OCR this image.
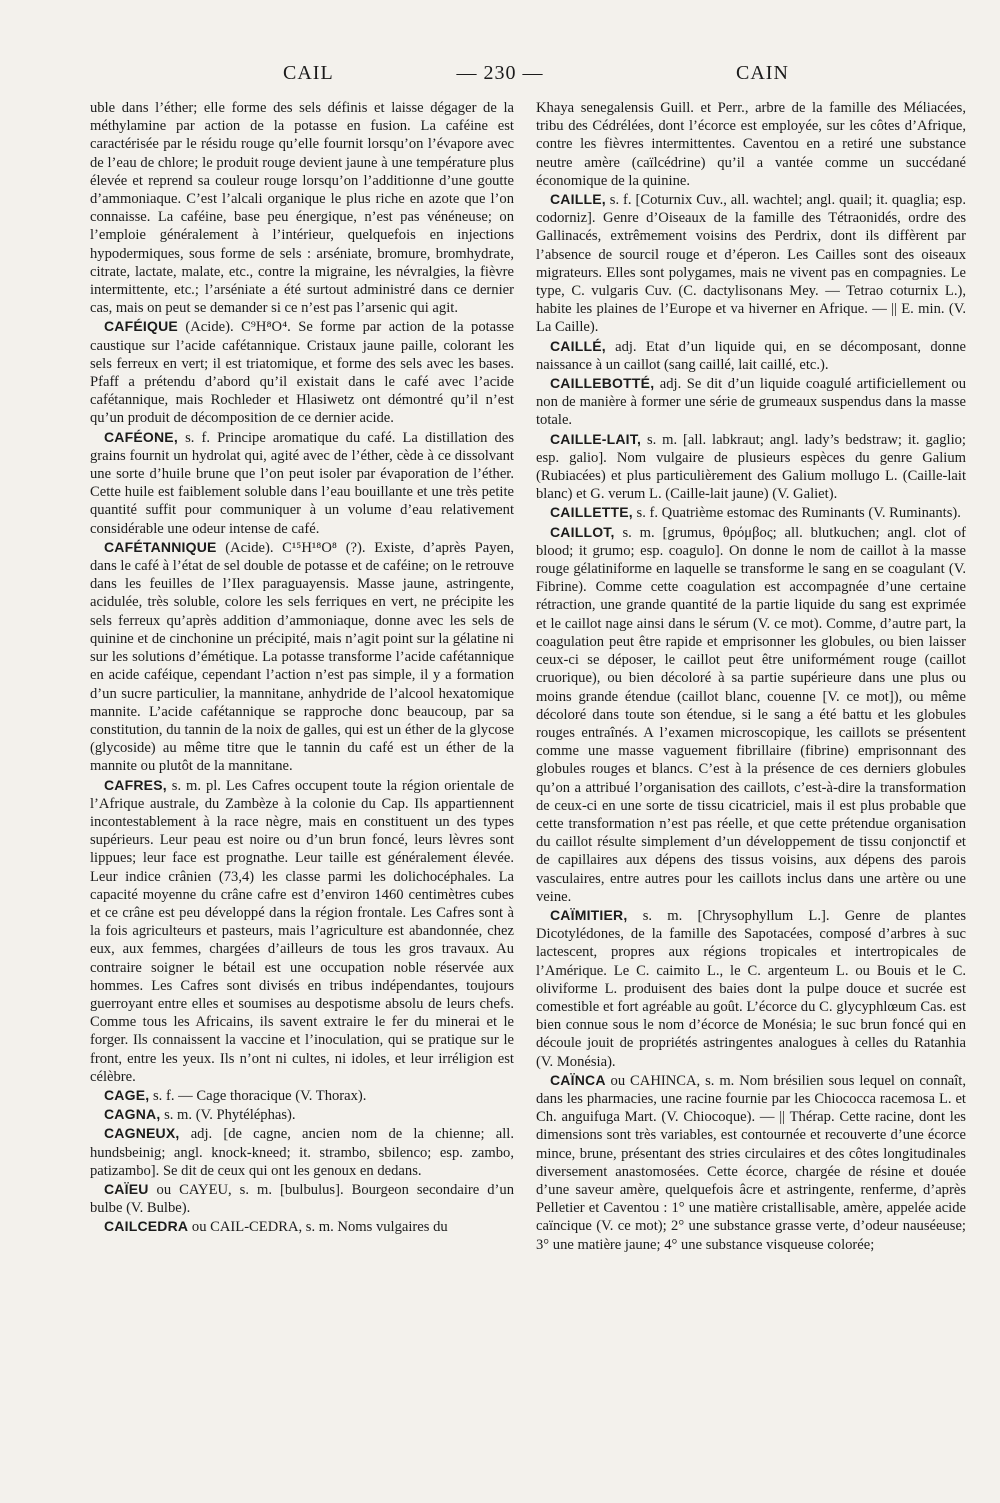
CAIL	— 230 —	CAIN

uble dans l’éther; elle forme des sels définis et laisse dégager de la méthylamine par action de la potasse en fusion. La caféine est caractérisée par le résidu rouge qu’elle fournit lorsqu’on l’évapore avec de l’eau de chlore; le produit rouge devient jaune à une température plus élevée et reprend sa couleur rouge lorsqu’on l’additionne d’une goutte d’ammoniaque. C’est l’alcali organique le plus riche en azote que l’on connaisse. La caféine, base peu énergique, n’est pas vénéneuse; on l’emploie généralement à l’intérieur, quelquefois en injections hypodermiques, sous forme de sels : arséniate, bromure, bromhydrate, citrate, lactate, malate, etc., contre la migraine, les névralgies, la fièvre intermittente, etc.; l’arséniate a été surtout administré dans ce dernier cas, mais on peut se demander si ce n’est pas l’arsenic qui agit.

CAFÉIQUE (Acide). C⁹H⁸O⁴. Se forme par action de la potasse caustique sur l’acide cafétannique. Cristaux jaune paille, colorant les sels ferreux en vert; il est triatomique, et forme des sels avec les bases. Pfaff a prétendu d’abord qu’il existait dans le café avec l’acide cafétannique, mais Rochleder et Hlasiwetz ont démontré qu’il n’est qu’un produit de décomposition de ce dernier acide.

CAFÉONE, s. f. Principe aromatique du café. La distillation des grains fournit un hydrolat qui, agité avec de l’éther, cède à ce dissolvant une sorte d’huile brune que l’on peut isoler par évaporation de l’éther. Cette huile est faiblement soluble dans l’eau bouillante et une très petite quantité suffit pour communiquer à un volume d’eau relativement considérable une odeur intense de café.

CAFÉTANNIQUE (Acide). C¹⁵H¹⁸O⁸ (?). Existe, d’après Payen, dans le café à l’état de sel double de potasse et de caféine; on le retrouve dans les feuilles de l’Ilex paraguayensis. Masse jaune, astringente, acidulée, très soluble, colore les sels ferriques en vert, ne précipite les sels ferreux qu’après addition d’ammoniaque, donne avec les sels de quinine et de cinchonine un précipité, mais n’agit point sur la gélatine ni sur les solutions d’émétique. La potasse transforme l’acide cafétannique en acide caféique, cependant l’action n’est pas simple, il y a formation d’un sucre particulier, la mannitane, anhydride de l’alcool hexatomique mannite. L’acide cafétannique se rapproche donc beaucoup, par sa constitution, du tannin de la noix de galles, qui est un éther de la glycose (glycoside) au même titre que le tannin du café est un éther de la mannite ou plutôt de la mannitane.

CAFRES, s. m. pl. Les Cafres occupent toute la région orientale de l’Afrique australe, du Zambèze à la colonie du Cap. Ils appartiennent incontestablement à la race nègre, mais en constituent un des types supérieurs. Leur peau est noire ou d’un brun foncé, leurs lèvres sont lippues; leur face est prognathe. Leur taille est généralement élevée. Leur indice crânien (73,4) les classe parmi les dolichocéphales. La capacité moyenne du crâne cafre est d’environ 1460 centimètres cubes et ce crâne est peu développé dans la région frontale. Les Cafres sont à la fois agriculteurs et pasteurs, mais l’agriculture est abandonnée, chez eux, aux femmes, chargées d’ailleurs de tous les gros travaux. Au contraire soigner le bétail est une occupation noble réservée aux hommes. Les Cafres sont divisés en tribus indépendantes, toujours guerroyant entre elles et soumises au despotisme absolu de leurs chefs. Comme tous les Africains, ils savent extraire le fer du minerai et le forger. Ils connaissent la vaccine et l’inoculation, qui se pratique sur le front, entre les yeux. Ils n’ont ni cultes, ni idoles, et leur irréligion est célèbre.

CAGE, s. f. — Cage thoracique (V. Thorax).

CAGNA, s. m. (V. Phytéléphas).

CAGNEUX, adj. [de cagne, ancien nom de la chienne; all. hundsbeinig; angl. knock-kneed; it. strambo, sbilenco; esp. zambo, patizambo]. Se dit de ceux qui ont les genoux en dedans.

CAÏEU ou CAYEU, s. m. [bulbulus]. Bourgeon secondaire d’un bulbe (V. Bulbe).

CAILCEDRA ou CAIL-CEDRA, s. m. Noms vulgaires du

Khaya senegalensis Guill. et Perr., arbre de la famille des Méliacées, tribu des Cédrélées, dont l’écorce est employée, sur les côtes d’Afrique, contre les fièvres intermittentes. Caventou en a retiré une substance neutre amère (caïlcédrine) qu’il a vantée comme un succédané économique de la quinine.

CAILLE, s. f. [Coturnix Cuv., all. wachtel; angl. quail; it. quaglia; esp. codorniz]. Genre d’Oiseaux de la famille des Tétraonidés, ordre des Gallinacés, extrêmement voisins des Perdrix, dont ils diffèrent par l’absence de sourcil rouge et d’éperon. Les Cailles sont des oiseaux migrateurs. Elles sont polygames, mais ne vivent pas en compagnies. Le type, C. vulgaris Cuv. (C. dactylisonans Mey. — Tetrao coturnix L.), habite les plaines de l’Europe et va hiverner en Afrique. — || E. min. (V. La Caille).

CAILLÉ, adj. Etat d’un liquide qui, en se décomposant, donne naissance à un caillot (sang caillé, lait caillé, etc.).

CAILLEBOTTÉ, adj. Se dit d’un liquide coagulé artificiellement ou non de manière à former une série de grumeaux suspendus dans la masse totale.

CAILLE-LAIT, s. m. [all. labkraut; angl. lady’s bedstraw; it. gaglio; esp. galio]. Nom vulgaire de plusieurs espèces du genre Galium (Rubiacées) et plus particulièrement des Galium mollugo L. (Caille-lait blanc) et G. verum L. (Caille-lait jaune) (V. Galiet).

CAILLETTE, s. f. Quatrième estomac des Ruminants (V. Ruminants).

CAILLOT, s. m. [grumus, θρόμβος; all. blutkuchen; angl. clot of blood; it grumo; esp. coagulo]. On donne le nom de caillot à la masse rouge gélatiniforme en laquelle se transforme le sang en se coagulant (V. Fibrine). Comme cette coagulation est accompagnée d’une certaine rétraction, une grande quantité de la partie liquide du sang est exprimée et le caillot nage ainsi dans le sérum (V. ce mot). Comme, d’autre part, la coagulation peut être rapide et emprisonner les globules, ou bien laisser ceux-ci se déposer, le caillot peut être uniformément rouge (caillot cruorique), ou bien décoloré à sa partie supérieure dans une plus ou moins grande étendue (caillot blanc, couenne [V. ce mot]), ou même décoloré dans toute son étendue, si le sang a été battu et les globules rouges entraînés. A l’examen microscopique, les caillots se présentent comme une masse vaguement fibrillaire (fibrine) emprisonnant des globules rouges et blancs. C’est à la présence de ces derniers globules qu’on a attribué l’organisation des caillots, c’est-à-dire la transformation de ceux-ci en une sorte de tissu cicatriciel, mais il est plus probable que cette transformation n’est pas réelle, et que cette prétendue organisation du caillot résulte simplement d’un développement de tissu conjonctif et de capillaires aux dépens des tissus voisins, aux dépens des parois vasculaires, entre autres pour les caillots inclus dans une artère ou une veine.

CAÏMITIER, s. m. [Chrysophyllum L.]. Genre de plantes Dicotylédones, de la famille des Sapotacées, composé d’arbres à suc lactescent, propres aux régions tropicales et intertropicales de l’Amérique. Le C. caimito L., le C. argenteum L. ou Bouis et le C. oliviforme L. produisent des baies dont la pulpe douce et sucrée est comestible et fort agréable au goût. L’écorce du C. glycyphlœum Cas. est bien connue sous le nom d’écorce de Monésia; le suc brun foncé qui en découle jouit de propriétés astringentes analogues à celles du Ratanhia (V. Monésia).

CAÏNCA ou CAHINCA, s. m. Nom brésilien sous lequel on connaît, dans les pharmacies, une racine fournie par les Chiococca racemosa L. et Ch. anguifuga Mart. (V. Chiocoque). — || Thérap. Cette racine, dont les dimensions sont très variables, est contournée et recouverte d’une écorce mince, brune, présentant des stries circulaires et des côtes longitudinales diversement anastomosées. Cette écorce, chargée de résine et douée d’une saveur amère, quelquefois âcre et astringente, renferme, d’après Pelletier et Caventou : 1° une matière cristallisable, amère, appelée acide caïncique (V. ce mot); 2° une substance grasse verte, d’odeur nauséeuse; 3° une matière jaune; 4° une substance visqueuse colorée;
